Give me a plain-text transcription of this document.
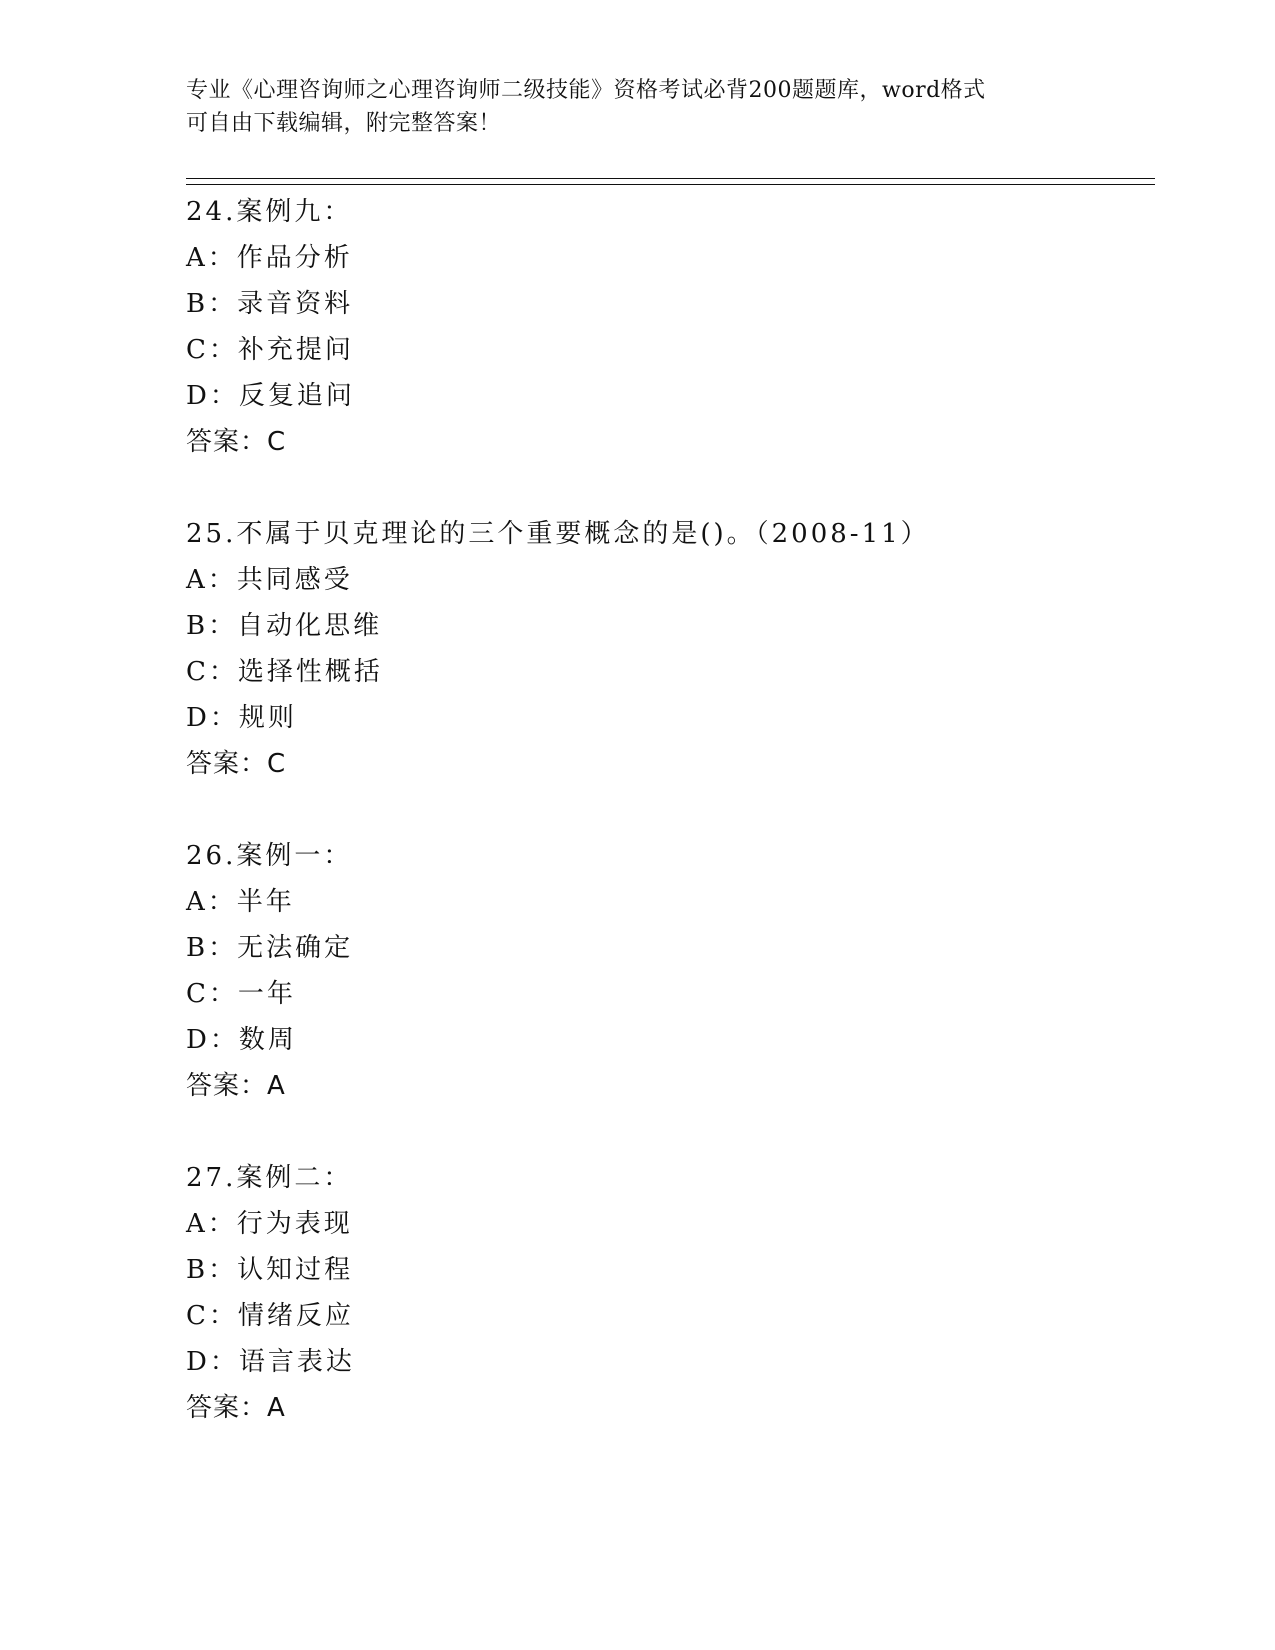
专业《心理咨询师之心理咨询师二级技能》资格考试必背200题题库，word格式
可自由下载编辑，附完整答案！
24.案例九：
A：作品分析
B：录音资料
C：补充提问
D：反复追问
答案：C
25.不属于贝克理论的三个重要概念的是()。（2008-11）
A：共同感受
B：自动化思维
C：选择性概括
D：规则
答案：C
26.案例一：
A：半年
B：无法确定
C：一年
D：数周
答案：A
27.案例二：
A：行为表现
B：认知过程
C：情绪反应
D：语言表达
答案：A
